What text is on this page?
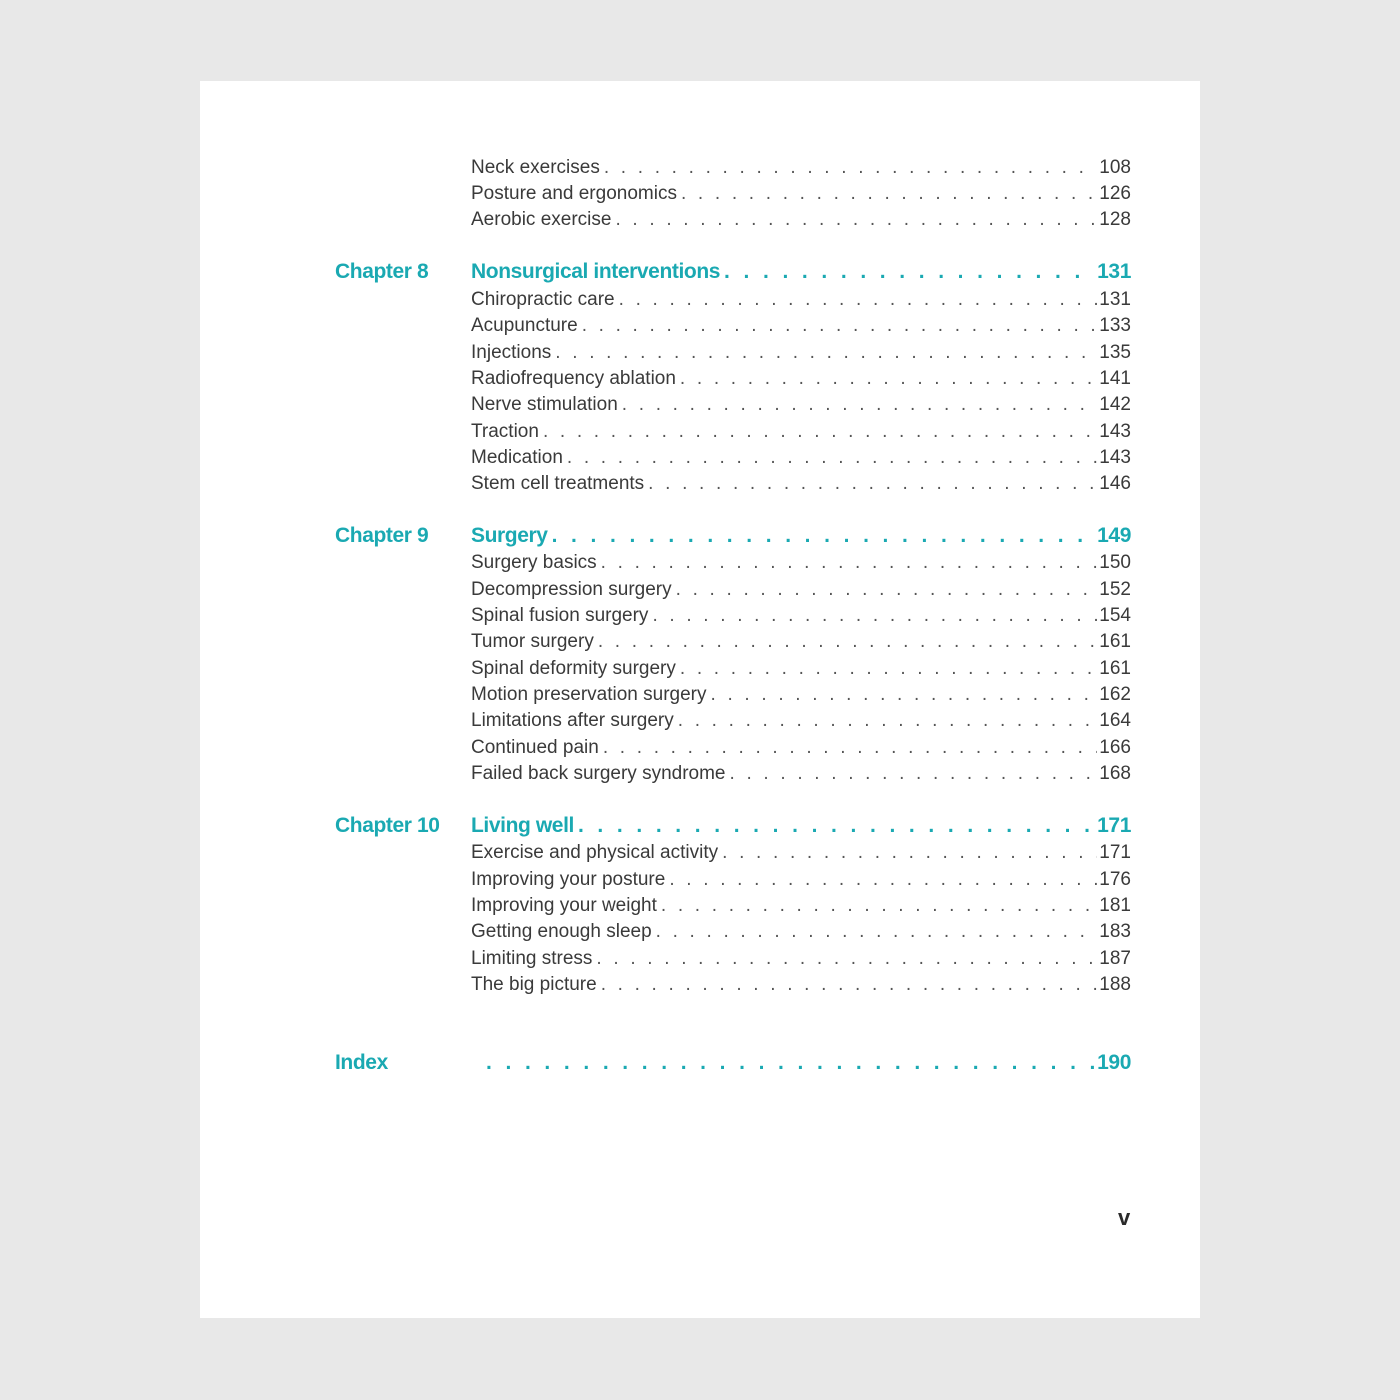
Neck exercises . . .	108
Posture and ergonomics . . .	126
Aerobic exercise . . .	128
Chapter 8 Nonsurgical interventions . . .	131
Chiropractic care . . .	131
Acupuncture . . .	133
Injections . . .	135
Radiofrequency ablation . . .	141
Nerve stimulation . . .	142
Traction . . .	143
Medication . . .	143
Stem cell treatments . . .	146
Chapter 9 Surgery . . .	149
Surgery basics . . .	150
Decompression surgery . . .	152
Spinal fusion surgery . . .	154
Tumor surgery . . .	161
Spinal deformity surgery . . .	161
Motion preservation surgery . . .	162
Limitations after surgery . . .	164
Continued pain . . .	166
Failed back surgery syndrome . . .	168
Chapter 10 Living well . . .	171
Exercise and physical activity . . .	171
Improving your posture . . .	176
Improving your weight . . .	181
Getting enough sleep . . .	183
Limiting stress . . .	187
The big picture . . .	188
Index . . .	190
v
